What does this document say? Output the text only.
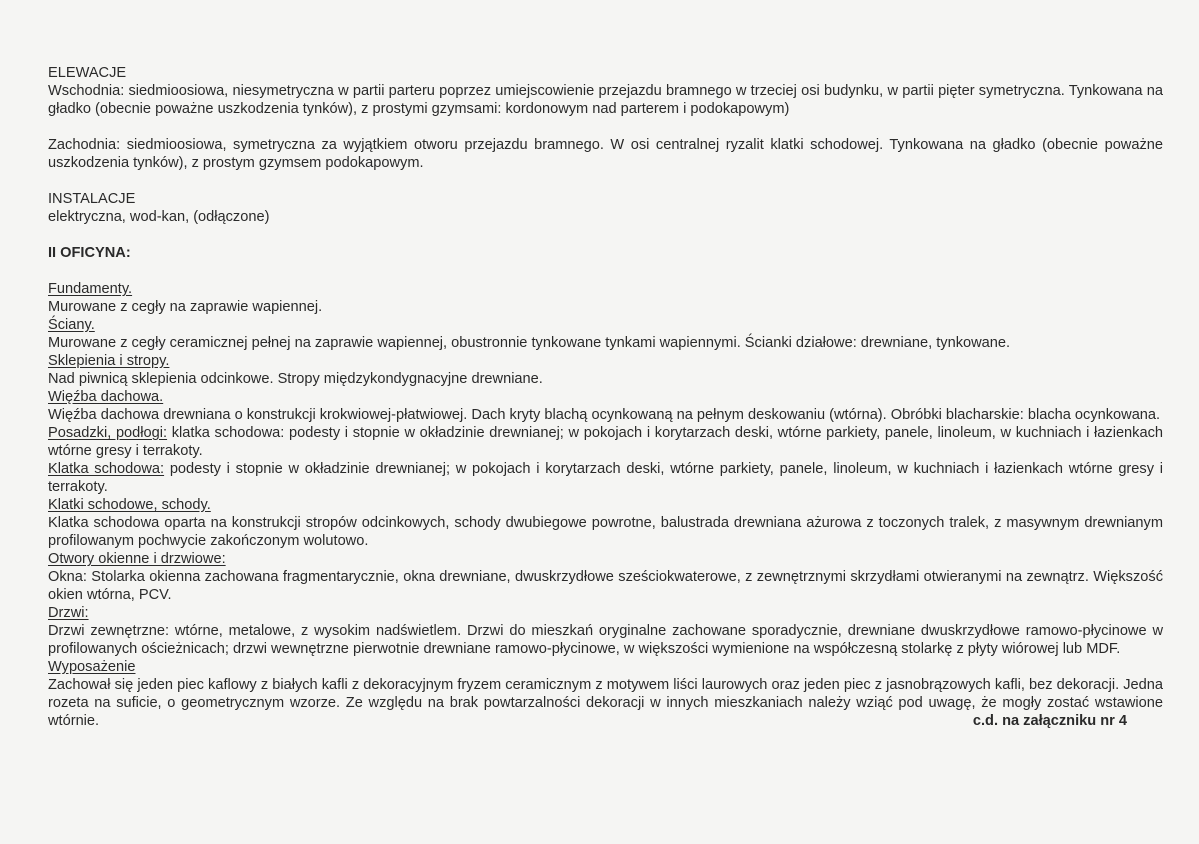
ELEWACJE

Wschodnia: siedmioosiowa, niesymetryczna w partii parteru poprzez umiejscowienie przejazdu bramnego w trzeciej osi budynku, w partii pięter symetryczna. Tynkowana na gładko (obecnie poważne uszkodzenia tynków), z prostymi gzymsami: kordonowym nad parterem i podokapowym)

Zachodnia: siedmioosiowa, symetryczna za wyjątkiem otworu przejazdu bramnego. W osi centralnej ryzalit klatki schodowej. Tynkowana na gładko (obecnie poważne uszkodzenia tynków), z prostym gzymsem podokapowym.

INSTALACJE

elektryczna, wod-kan, (odłączone)

II OFICYNA:

Fundamenty.

Murowane z cegły na zaprawie wapiennej.

Ściany.

Murowane z cegły ceramicznej pełnej na zaprawie wapiennej, obustronnie tynkowane tynkami wapiennymi. Ścianki działowe: drewniane, tynkowane.

Sklepienia i stropy.

Nad piwnicą sklepienia odcinkowe. Stropy międzykondygnacyjne drewniane.

Więźba dachowa.

Więźba dachowa drewniana o konstrukcji krokwiowej-płatwiowej. Dach kryty blachą ocynkowaną na pełnym deskowaniu (wtórna). Obróbki blacharskie: blacha ocynkowana.

Posadzki, podłogi: klatka schodowa: podesty i stopnie w okładzinie drewnianej; w pokojach i korytarzach deski, wtórne parkiety, panele, linoleum, w kuchniach i łazienkach wtórne gresy i terrakoty.

Klatka schodowa: podesty i stopnie w okładzinie drewnianej; w pokojach i korytarzach deski, wtórne parkiety, panele, linoleum, w kuchniach i łazienkach wtórne gresy i terrakoty.

Klatki schodowe, schody.

Klatka schodowa oparta na konstrukcji stropów odcinkowych, schody dwubiegowe powrotne, balustrada drewniana ażurowa z toczonych tralek, z masywnym drewnianym profilowanym pochwycie zakończonym wolutowo.

Otwory okienne i drzwiowe:

Okna: Stolarka okienna zachowana fragmentarycznie, okna drewniane, dwuskrzydłowe sześciokwaterowe, z zewnętrznymi skrzydłami otwieranymi na zewnątrz. Większość okien wtórna, PCV.

Drzwi:

Drzwi zewnętrzne: wtórne, metalowe, z wysokim nadświetlem. Drzwi do mieszkań oryginalne zachowane sporadycznie, drewniane dwuskrzydłowe ramowo-płycinowe w profilowanych ościeżnicach; drzwi wewnętrzne pierwotnie drewniane ramowo-płycinowe, w większości wymienione na współczesną stolarkę z płyty wiórowej lub MDF.

Wyposażenie

Zachował się jeden piec kaflowy z białych kafli z dekoracyjnym fryzem ceramicznym z motywem liści laurowych oraz jeden piec z jasnobrązowych kafli, bez dekoracji. Jedna rozeta na suficie, o geometrycznym wzorze. Ze względu na brak powtarzalności dekoracji w innych mieszkaniach należy wziąć pod uwagę, że mogły zostać wstawione wtórnie.	c.d. na załączniku nr 4
